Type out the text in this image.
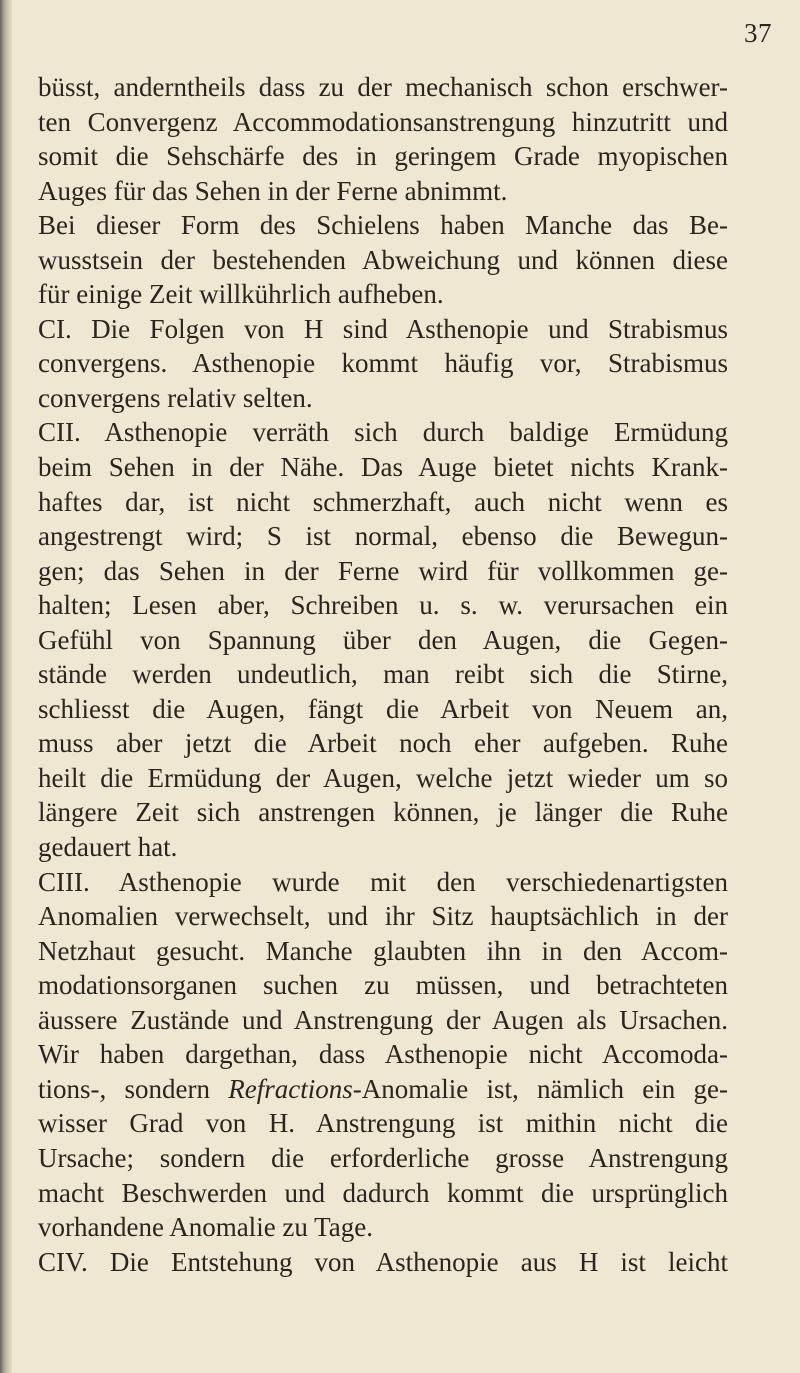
37
büsst, anderntheils dass zu der mechanisch schon erschwer-
ten Convergenz Accommodationsanstrengung hinzutritt und
somit die Sehschärfe des in geringem Grade myopischen
Auges für das Sehen in der Ferne abnimmt.
Bei dieser Form des Schielens haben Manche das Be-
wusstsein der bestehenden Abweichung und können diese
für einige Zeit willkührlich aufheben.
CI. Die Folgen von H sind Asthenopie und Strabismus
convergens. Asthenopie kommt häufig vor, Strabismus
convergens relativ selten.
CII. Asthenopie verräth sich durch baldige Ermüdung
beim Sehen in der Nähe. Das Auge bietet nichts Krank-
haftes dar, ist nicht schmerzhaft, auch nicht wenn es
angestrengt wird; S ist normal, ebenso die Bewegun-
gen; das Sehen in der Ferne wird für vollkommen ge-
halten; Lesen aber, Schreiben u. s. w. verursachen ein
Gefühl von Spannung über den Augen, die Gegen-
stände werden undeutlich, man reibt sich die Stirne,
schliesst die Augen, fängt die Arbeit von Neuem an,
muss aber jetzt die Arbeit noch eher aufgeben. Ruhe
heilt die Ermüdung der Augen, welche jetzt wieder um so
längere Zeit sich anstrengen können, je länger die Ruhe
gedauert hat.
CIII. Asthenopie wurde mit den verschiedenartigsten
Anomalien verwechselt, und ihr Sitz hauptsächlich in der
Netzhaut gesucht. Manche glaubten ihn in den Accom-
modationsorganen suchen zu müssen, und betrachteten
äussere Zustände und Anstrengung der Augen als Ursachen.
Wir haben dargethan, dass Asthenopie nicht Accomoda-
tions-, sondern Refractions-Anomalie ist, nämlich ein ge-
wisser Grad von H. Anstrengung ist mithin nicht die
Ursache; sondern die erforderliche grosse Anstrengung
macht Beschwerden und dadurch kommt die ursprünglich
vorhandene Anomalie zu Tage.
CIV. Die Entstehung von Asthenopie aus H ist leicht
